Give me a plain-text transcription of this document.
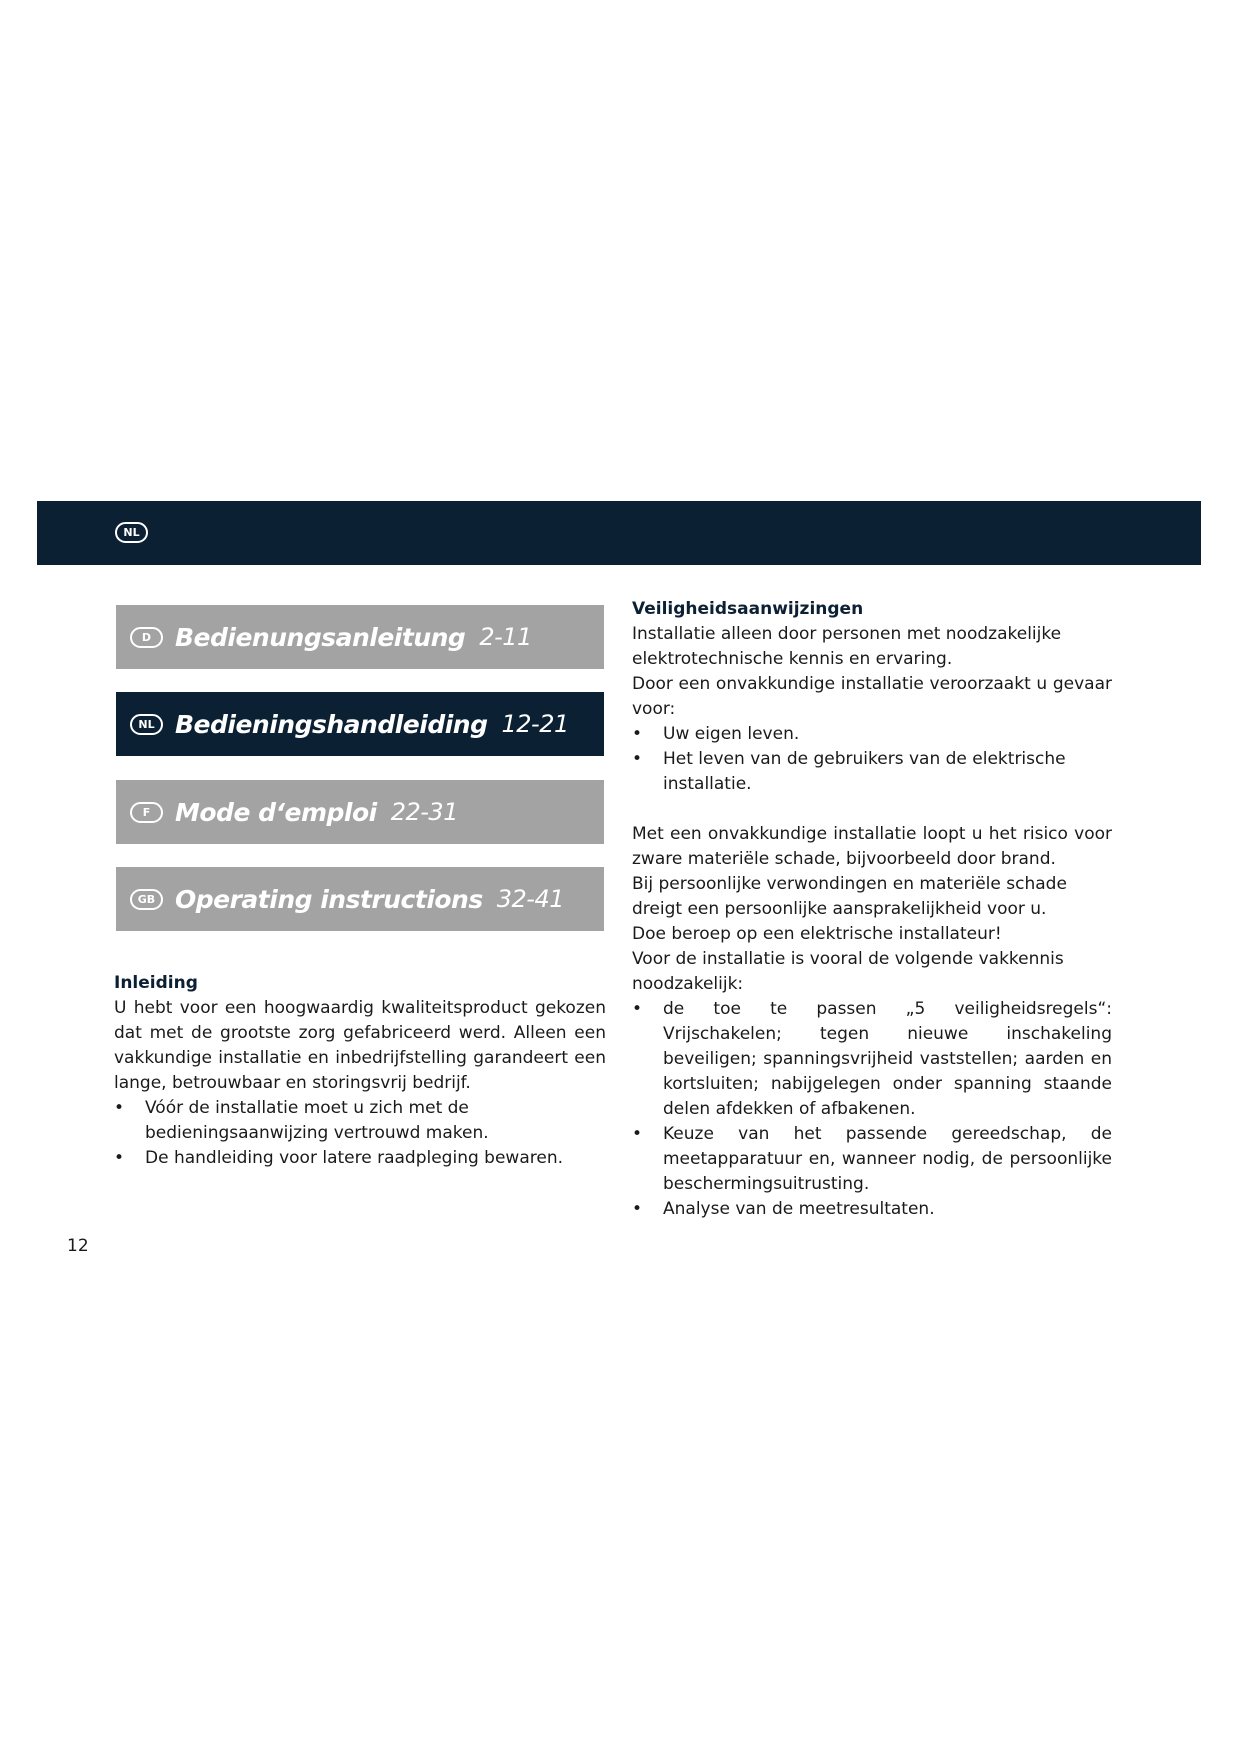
NL
D Bedienungsanleitung 2-11
NL Bedieningshandleiding 12-21
F Mode d‘emploi 22-31
GB Operating instructions 32-41
Inleiding

U hebt voor een hoogwaardig kwaliteitsproduct gekozen dat met de grootste zorg gefabriceerd werd. Alleen een vakkundige installatie en inbedrijfstelling garandeert een lange, betrouwbaar en storingsvrij bedrijf.

• Vóór de installatie moet u zich met de bedieningsaanwijzing vertrouwd maken.
• De handleiding voor latere raadpleging bewaren.
Veiligheidsaanwijzingen

Installatie alleen door personen met noodzakelijke elektrotechnische kennis en ervaring.

Door een onvakkundige installatie veroorzaakt u gevaar voor:

• Uw eigen leven.
• Het leven van de gebruikers van de elektrische installatie.

Met een onvakkundige installatie loopt u het risico voor zware materiële schade, bijvoorbeeld door brand.

Bij persoonlijke verwondingen en materiële schade dreigt een persoonlijke aansprakelijkheid voor u.

Doe beroep op een elektrische installateur!

Voor de installatie is vooral de volgende vakkennis noodzakelijk:

• de toe te passen „5 veiligheidsregels“: Vrijschakelen; tegen nieuwe inschakeling beveiligen; spanningsvrijheid vaststellen; aarden en kortsluiten; nabijgelegen onder spanning staande delen afdekken of afbakenen.
• Keuze van het passende gereedschap, de meetapparatuur en, wanneer nodig, de persoonlijke beschermingsuitrusting.
• Analyse van de meetresultaten.
12
